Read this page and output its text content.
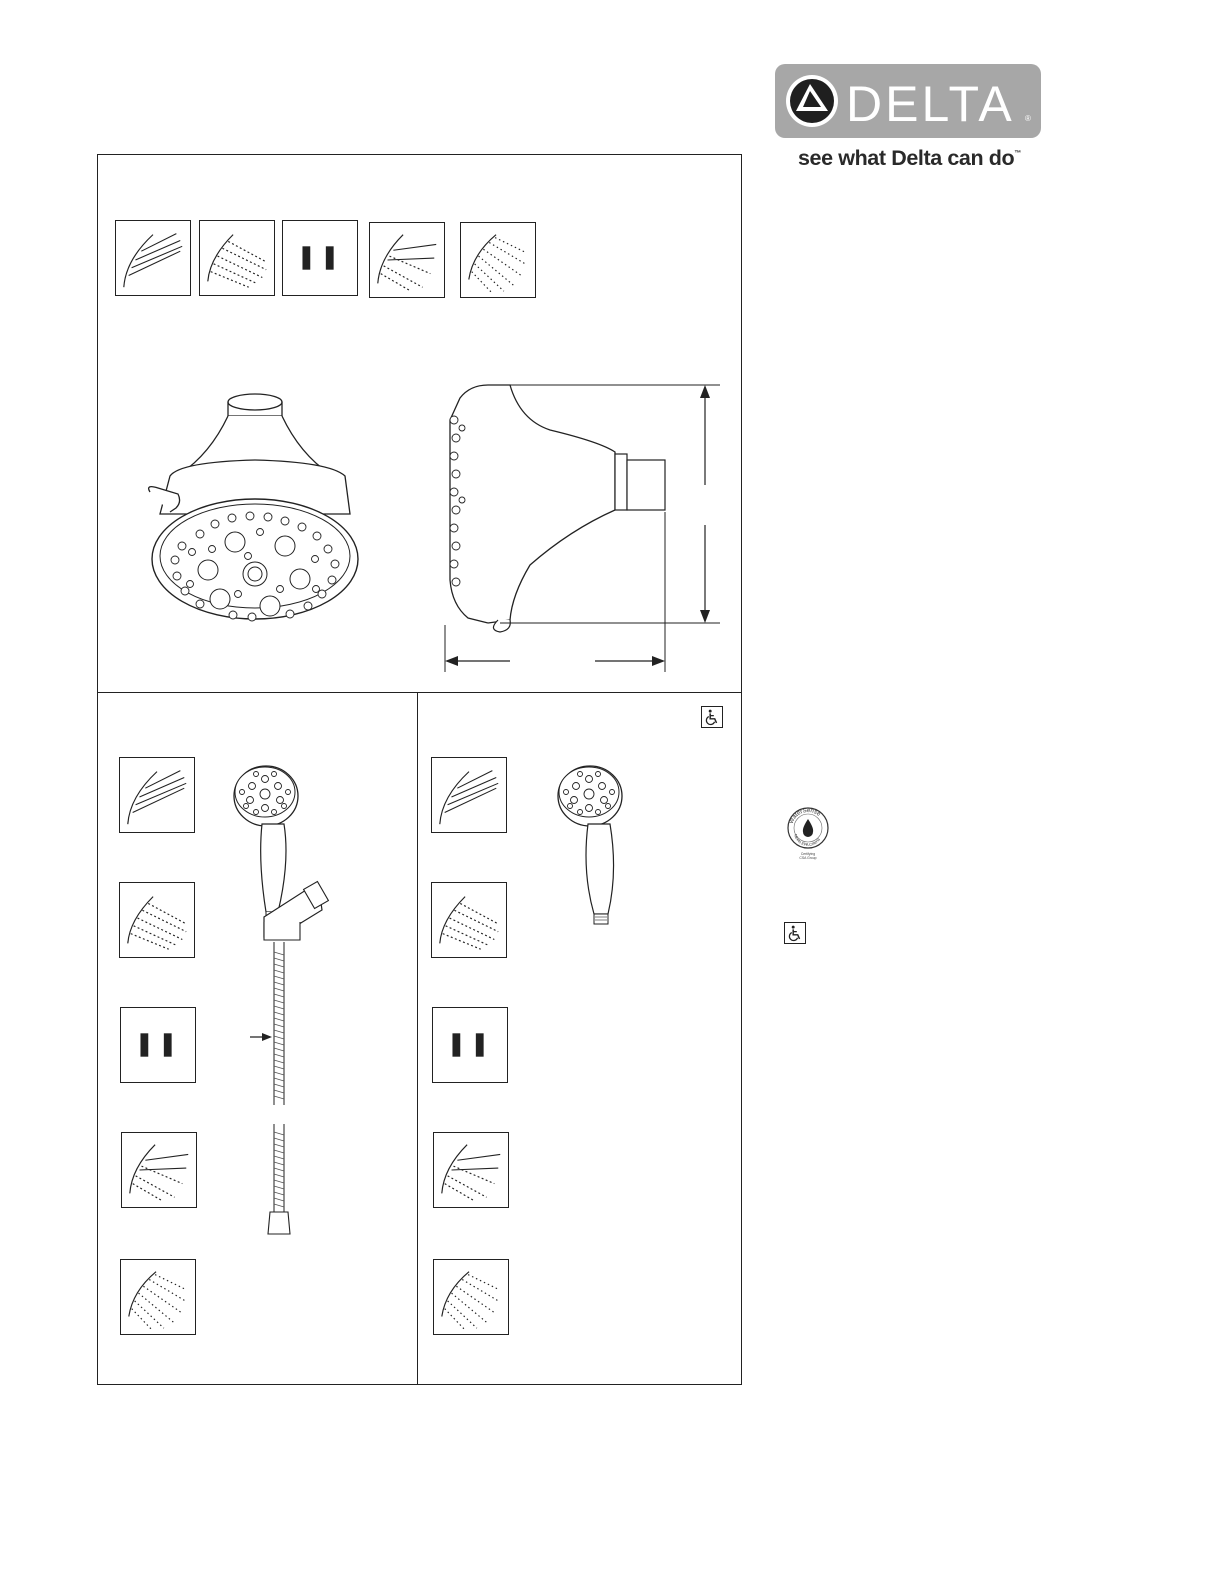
DELTA ®
see what Delta can do™
WaterSense
Meets EPA Criteria
Certifying
CSA Group
